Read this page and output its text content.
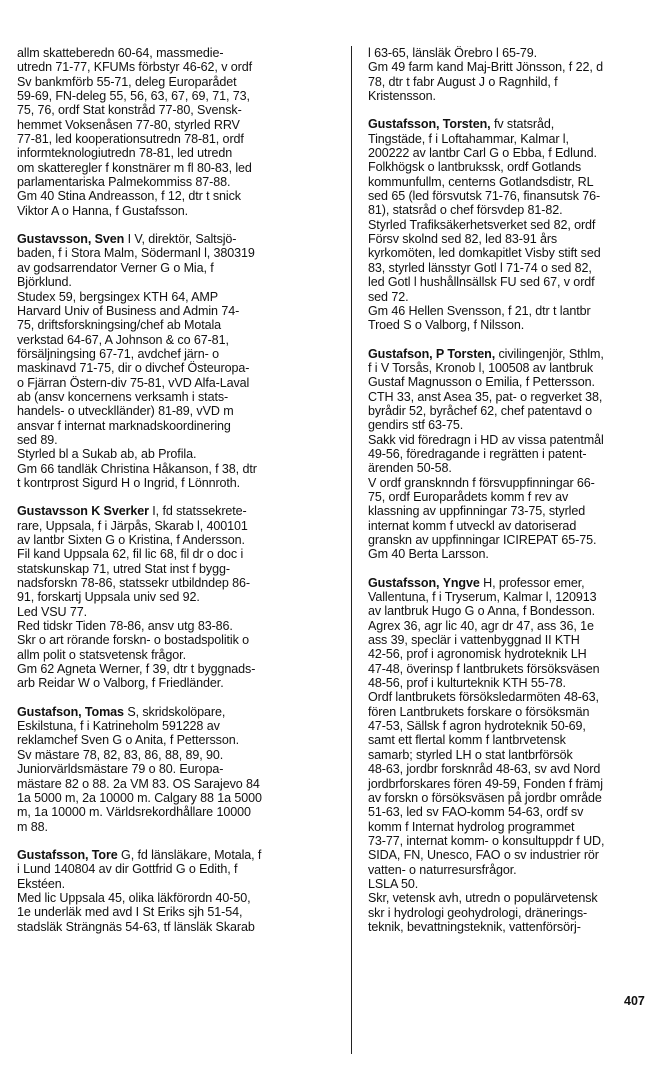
allm skatteberedn 60-64, massmedie-
utredn 71-77, KFUMs förbstyr 46-62, v ordf
Sv bankmförb 55-71, deleg Europarådet
59-69, FN-deleg 55, 56, 63, 67, 69, 71, 73,
75, 76, ordf Stat konstråd 77-80, Svensk-
hemmet Voksenåsen 77-80, styrled RRV
77-81, led kooperationsutredn 78-81, ordf
informteknologiutredn 78-81, led utredn
om skatteregler f konstnärer m fl 80-83, led
parlamentariska Palmekommiss 87-88.
Gm 40 Stina Andreasson, f 12, dtr t snick
Viktor A o Hanna, f Gustafsson.
Gustavsson, Sven I V, direktör, Saltsjö-
baden, f i Stora Malm, Södermanl l, 380319
av godsarrendator Verner G o Mia, f
Björklund.
Studex 59, bergsingex KTH 64, AMP
Harvard Univ of Business and Admin 74-
75, driftsforskningsing/chef ab Motala
verkstad 64-67, A Johnson & co 67-81,
försäljningsing 67-71, avdchef järn- o
maskinavd 71-75, dir o divchef Östeuropa-
o Fjärran Östern-div 75-81, vVD Alfa-Laval
ab (ansv koncernens verksamh i stats-
handels- o utvecklländer) 81-89, vVD m
ansvar f internat marknadskoordinering
sed 89.
Styrled bl a Sukab ab, ab Profila.
Gm 66 tandläk Christina Håkanson, f 38, dtr
t kontrprost Sigurd H o Ingrid, f Lönnroth.
Gustavsson K Sverker I, fd statssekrete-
rare, Uppsala, f i Järpås, Skarab l, 400101
av lantbr Sixten G o Kristina, f Andersson.
Fil kand Uppsala 62, fil lic 68, fil dr o doc i
statskunskap 71, utred Stat inst f bygg-
nadsforskn 78-86, statssekr utbildndep 86-
91, forskartj Uppsala univ sed 92.
Led VSU 77.
Red tidskr Tiden 78-86, ansv utg 83-86.
Skr o art rörande forskn- o bostadspolitik o
allm polit o statsvetensk frågor.
Gm 62 Agneta Werner, f 39, dtr t byggnads-
arb Reidar W o Valborg, f Friedländer.
Gustafson, Tomas S, skridskolöpare,
Eskilstuna, f i Katrineholm 591228 av
reklamchef Sven G o Anita, f Pettersson.
Sv mästare 78, 82, 83, 86, 88, 89, 90.
Juniorvärldsmästare 79 o 80. Europa-
mästare 82 o 88. 2a VM 83. OS Sarajevo 84
1a 5000 m, 2a 10000 m. Calgary 88 1a 5000
m, 1a 10000 m. Världsrekordhållare 10000
m 88.
Gustafsson, Tore G, fd länsläkare, Motala, f
i Lund 140804 av dir Gottfrid G o Edith, f
Ekstéen.
Med lic Uppsala 45, olika läkförordn 40-50,
1e underläk med avd I St Eriks sjh 51-54,
stadsläk Strängnäs 54-63, tf länsläk Skarab
l 63-65, länsläk Örebro l 65-79.
Gm 49 farm kand Maj-Britt Jönsson, f 22, d
78, dtr t fabr August J o Ragnhild, f
Kristensson.
Gustafsson, Torsten, fv statsråd,
Tingstäde, f i Loftahammar, Kalmar l,
200222 av lantbr Carl G o Ebba, f Edlund.
Folkhögsk o lantbrukssk, ordf Gotlands
kommunfullm, centerns Gotlandsdistr, RL
sed 65 (led försvutsk 71-76, finansutsk 76-
81), statsråd o chef försvdep 81-82.
Styrled Trafiksäkerhetsverket sed 82, ordf
Försv skolnd sed 82, led 83-91 års
kyrkomöten, led domkapitlet Visby stift sed
83, styrled länsstyr Gotl l 71-74 o sed 82,
led Gotl l hushållnsällsk FU sed 67, v ordf
sed 72.
Gm 46 Hellen Svensson, f 21, dtr t lantbr
Troed S o Valborg, f Nilsson.
Gustafson, P Torsten, civilingenjör, Sthlm,
f i V Torsås, Kronob l, 100508 av lantbruk
Gustaf Magnusson o Emilia, f Pettersson.
CTH 33, anst Asea 35, pat- o regverket 38,
byrådir 52, byråchef 62, chef patentavd o
gendirs stf 63-75.
Sakk vid föredragn i HD av vissa patentmål
49-56, föredragande i regrätten i patent-
ärenden 50-58.
V ordf gransknndn f försvuppfinningar 66-
75, ordf Europarådets komm f rev av
klassning av uppfinningar 73-75, styrled
internat komm f utveckl av datoriserad
granskn av uppfinningar ICIREPAT 65-75.
Gm 40 Berta Larsson.
Gustafsson, Yngve H, professor emer,
Vallentuna, f i Tryserum, Kalmar l, 120913
av lantbruk Hugo G o Anna, f Bondesson.
Agrex 36, agr lic 40, agr dr 47, ass 36, 1e
ass 39, speclär i vattenbyggnad II KTH
42-56, prof i agronomisk hydroteknik LH
47-48, överinsp f lantbrukets försöksväsen
48-56, prof i kulturteknik KTH 55-78.
Ordf lantbrukets försöksledarmöten 48-63,
fören Lantbrukets forskare o försöksmän
47-53, Sällsk f agron hydroteknik 50-69,
samt ett flertal komm f lantbrvetensk
samarb; styrled LH o stat lantbrförsök
48-63, jordbr forsknråd 48-63, sv avd Nord
jordbrforskares fören 49-59, Fonden f främj
av forskn o försöksväsen på jordbr område
51-63, led sv FAO-komm 54-63, ordf sv
komm f Internat hydrolog programmet
73-77, internat komm- o konsultuppdr f UD,
SIDA, FN, Unesco, FAO o sv industrier rör
vatten- o naturresursfrågor.
LSLA 50.
Skr, vetensk avh, utredn o populärvetensk
skr i hydrologi geohydrologi, dränerings-
teknik, bevattningsteknik, vattenförsörj-
407
